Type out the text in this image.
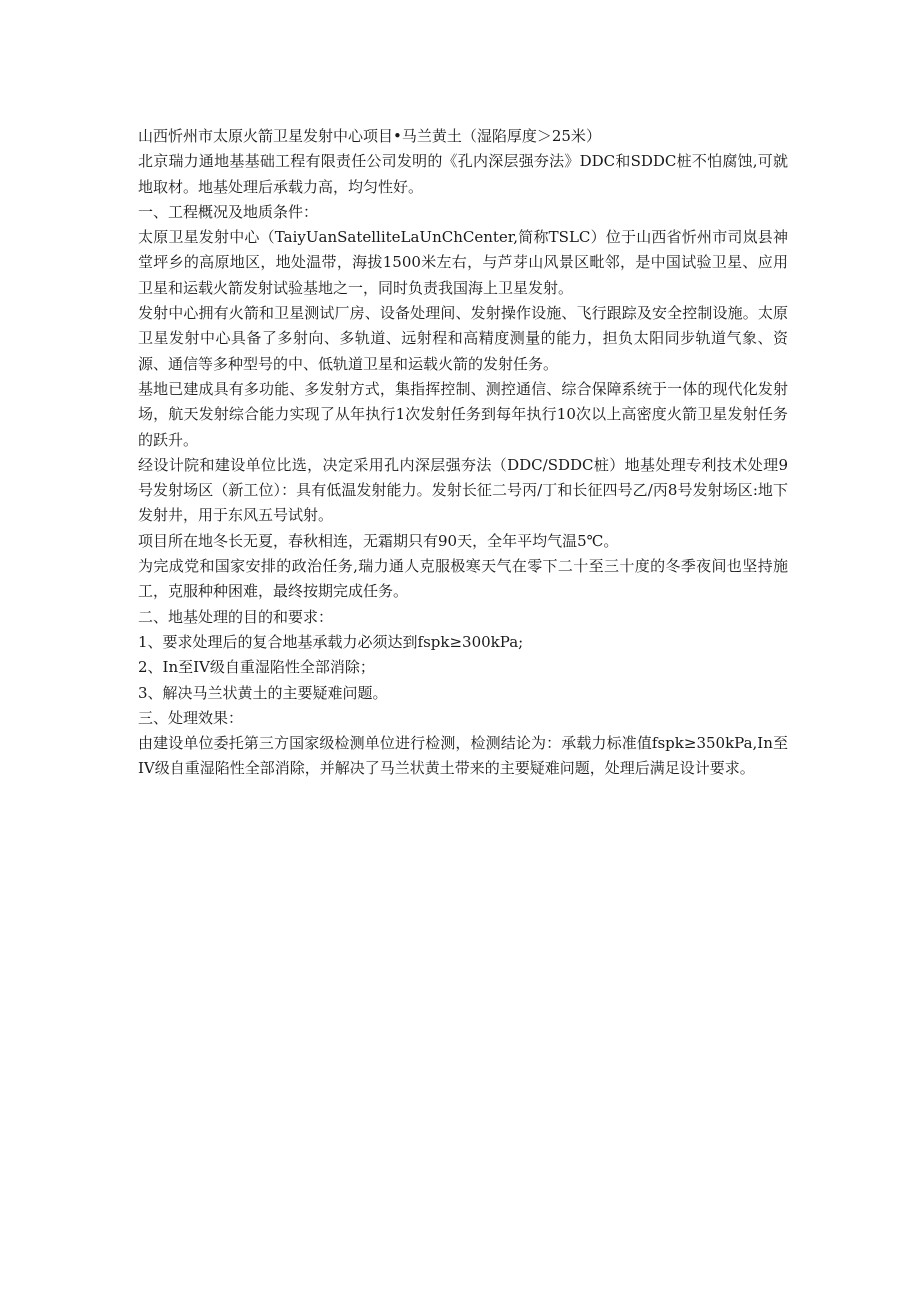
山西忻州市太原火箭卫星发射中心项目•马兰黄土（湿陷厚度＞25米）

北京瑞力通地基基础工程有限责任公司发明的《孔内深层强夯法》DDC和SDDC桩不怕腐蚀,可就地取材。地基处理后承载力高，均匀性好。

一、工程概况及地质条件：

太原卫星发射中心（TaiyUanSatelliteLaUnChCenter,简称TSLC）位于山西省忻州市司岚县神堂坪乡的高原地区，地处温带，海拔1500米左右，与芦芽山风景区毗邻，是中国试验卫星、应用卫星和运载火箭发射试验基地之一，同时负责我国海上卫星发射。

发射中心拥有火箭和卫星测试厂房、设备处理间、发射操作设施、飞行跟踪及安全控制设施。太原卫星发射中心具备了多射向、多轨道、远射程和高精度测量的能力，担负太阳同步轨道气象、资源、通信等多种型号的中、低轨道卫星和运载火箭的发射任务。

基地已建成具有多功能、多发射方式，集指挥控制、测控通信、综合保障系统于一体的现代化发射场，航天发射综合能力实现了从年执行1次发射任务到每年执行10次以上高密度火箭卫星发射任务的跃升。

经设计院和建设单位比选，决定采用孔内深层强夯法（DDC∕SDDC桩）地基处理专利技术处理9号发射场区（新工位）：具有低温发射能力。发射长征二号丙/丁和长征四号乙/丙8号发射场区:地下发射井，用于东风五号试射。

项目所在地冬长无夏，春秋相连，无霜期只有90天，全年平均气温5℃。

为完成党和国家安排的政治任务,瑞力通人克服极寒天气在零下二十至三十度的冬季夜间也坚持施工，克服种种困难，最终按期完成任务。

二、地基处理的目的和要求：

1、要求处理后的复合地基承载力必须达到fspk≥300kPa;

2、In至IV级自重湿陷性全部消除；

3、解决马兰状黄土的主要疑难问题。

三、处理效果：

由建设单位委托第三方国家级检测单位进行检测，检测结论为：承载力标准值fspk≥350kPa,In至IV级自重湿陷性全部消除，并解决了马兰状黄土带来的主要疑难问题，处理后满足设计要求。
